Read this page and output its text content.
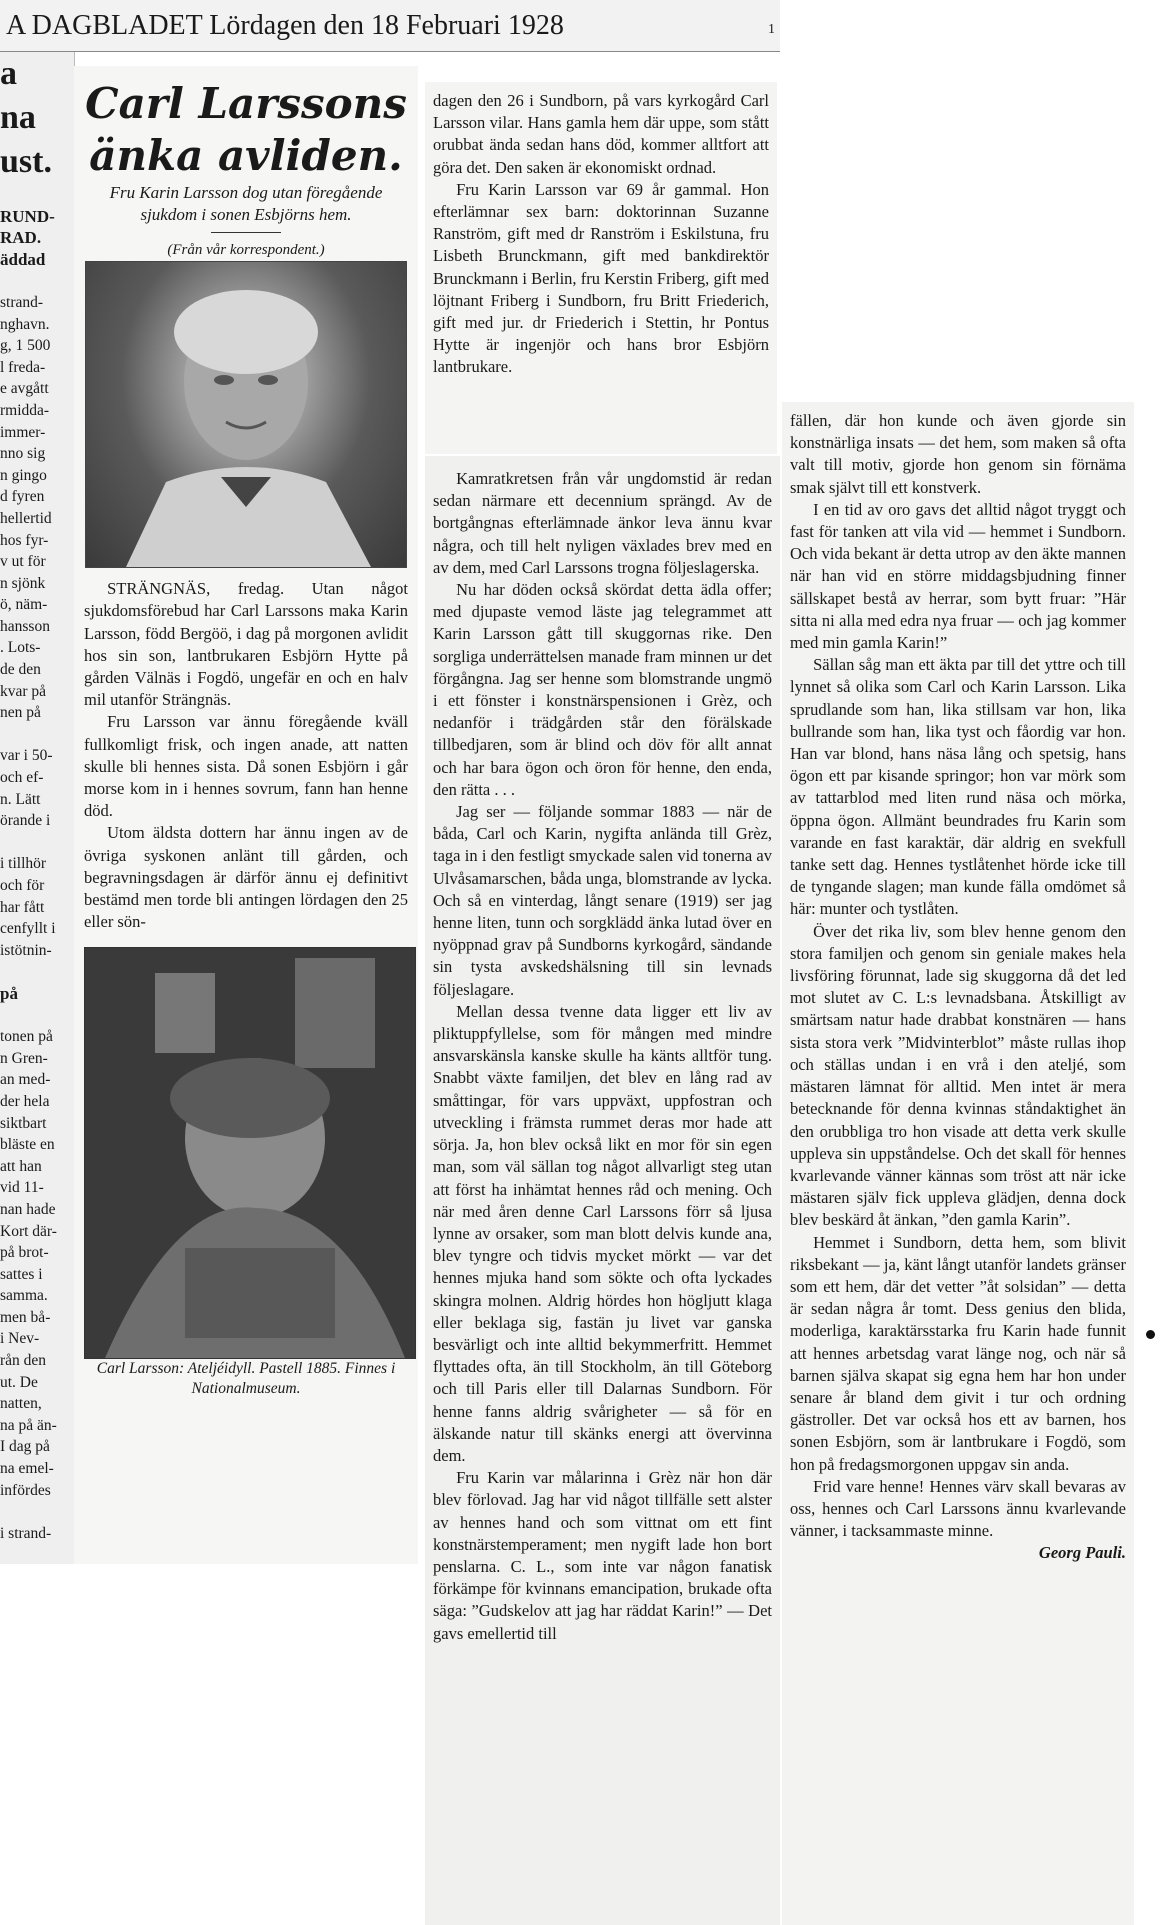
A DAGBLADET Lördagen den 18 Februari 1928	1
a
na
ust.

RUND-
RAD.
äddad

strand-
nghavn.
g, 1 500
l freda-
e avgått
rmidda-
immer-
nno sig
n gingo
d fyren
hellertid
hos fyr-
v ut för
n sjönk
ö, näm-
hansson
. Lots-
de den
kvar på
nen på

var i 50-
och ef-
n. Lätt
örande i

i tillhör
och för
har fått
cenfyllt i
istötnin-

på

tonen på
n Gren-
an med-
der hela
siktbart
bläste en
att han
vid 11-
nan hade
Kort där-
på brot-
sattes i
samma.
men bå-
i Nev-
rån den
ut. De
natten,
na på än-
I dag på
na emel-
infördes

i strand-
Carl Larssons änka avliden.

Fru Karin Larsson dog utan föregående sjukdom i sonen Esbjörns hem.

(Från vår korrespondent.)

STRÄNGNÄS, fredag. Utan något sjukdomsförebud har Carl Larssons maka Karin Larsson, född Bergöö, i dag på morgonen avlidit hos sin son, lantbrukaren Esbjörn Hytte på gården Välnäs i Fogdö, ungefär en och en halv mil utanför Strängnäs.

Fru Larsson var ännu föregående kväll fullkomligt frisk, och ingen anade, att natten skulle bli hennes sista. Då sonen Esbjörn i går morse kom in i hennes sovrum, fann han henne död.

Utom äldsta dottern har ännu ingen av de övriga syskonen anlänt till gården, och begravningsdagen är därför ännu ej definitivt bestämd men torde bli antingen lördagen den 25 eller sön-

Carl Larsson: Ateljéidyll. Pastell 1885. Finnes i Nationalmuseum.

dagen den 26 i Sundborn, på vars kyrkogård Carl Larsson vilar. Hans gamla hem där uppe, som stått orubbat ända sedan hans död, kommer alltfort att göra det. Den saken är ekonomiskt ordnad.

Fru Karin Larsson var 69 år gammal. Hon efterlämnar sex barn: doktorinnan Suzanne Ranström, gift med dr Ranström i Eskilstuna, fru Lisbeth Brunckmann, gift med bankdirektör Brunckmann i Berlin, fru Kerstin Friberg, gift med löjtnant Friberg i Sundborn, fru Britt Friederich, gift med jur. dr Friederich i Stettin, hr Pontus Hytte är ingenjör och hans bror Esbjörn lantbrukare.

Kamratkretsen från vår ungdomstid är redan sedan närmare ett decennium sprängd. Av de bortgångnas efterlämnade änkor leva ännu kvar några, och till helt nyligen växlades brev med en av dem, med Carl Larssons trogna följeslagerska.

Nu har döden också skördat detta ädla offer; med djupaste vemod läste jag telegrammet att Karin Larsson gått till skuggornas rike. Den sorgliga underrättelsen manade fram minnen ur det förgångna. Jag ser henne som blomstrande ungmö i ett fönster i konstnärspensionen i Grèz, och nedanför i trädgården står den förälskade tillbedjaren, som är blind och döv för allt annat och har bara ögon och öron för henne, den enda, den rätta . . .

Jag ser — följande sommar 1883 — när de båda, Carl och Karin, nygifta anlända till Grèz, taga in i den festligt smyckade salen vid tonerna av Ulvåsamarschen, båda unga, blomstrande av lycka. Och så en vinterdag, långt senare (1919) ser jag henne liten, tunn och sorgklädd änka lutad över en nyöppnad grav på Sundborns kyrkogård, sändande sin tysta avskedshälsning till sin levnads följeslagare.

Mellan dessa tvenne data ligger ett liv av pliktuppfyllelse, som för mången med mindre ansvarskänsla kanske skulle ha känts alltför tung. Snabbt växte familjen, det blev en lång rad av småttingar, för vars uppväxt, uppfostran och utveckling i främsta rummet deras mor hade att sörja. Ja, hon blev också likt en mor för sin egen man, som väl sällan tog något allvarligt steg utan att först ha inhämtat hennes råd och mening. Och när med åren denne Carl Larssons förr så ljusa lynne av orsaker, som man blott delvis kunde ana, blev tyngre och tidvis mycket mörkt — var det hennes mjuka hand som sökte och ofta lyckades skingra molnen. Aldrig hördes hon högljutt klaga eller beklaga sig, fastän ju livet var ganska besvärligt och inte alltid bekymmerfritt. Hemmet flyttades ofta, än till Stockholm, än till Göteborg och till Paris eller till Dalarnas Sundborn. För henne fanns aldrig svårigheter — så för en älskande natur till skänks energi att övervinna dem.

Fru Karin var målarinna i Grèz när hon där blev förlovad. Jag har vid något tillfälle sett alster av hennes hand och som vittnat om ett fint konstnärstemperament; men nygift lade hon bort penslarna. C. L., som inte var någon fanatisk förkämpe för kvinnans emancipation, brukade ofta säga: ”Gudskelov att jag har räddat Karin!” — Det gavs emellertid till

fällen, där hon kunde och även gjorde sin konstnärliga insats — det hem, som maken så ofta valt till motiv, gjorde hon genom sin förnäma smak självt till ett konstverk.

I en tid av oro gavs det alltid något tryggt och fast för tanken att vila vid — hemmet i Sundborn. Och vida bekant är detta utrop av den äkte mannen när han vid en större middagsbjudning finner sällskapet bestå av herrar, som bytt fruar: ”Här sitta ni alla med edra nya fruar — och jag kommer med min gamla Karin!”

Sällan såg man ett äkta par till det yttre och till lynnet så olika som Carl och Karin Larsson. Lika sprudlande som han, lika stillsam var hon, lika bullrande som han, lika tyst och fåordig var hon. Han var blond, hans näsa lång och spetsig, hans ögon ett par kisande springor; hon var mörk som av tattarblod med liten rund näsa och mörka, öppna ögon. Allmänt beundrades fru Karin som varande en fast karaktär, där aldrig en svekfull tanke sett dag. Hennes tystlåtenhet hörde icke till de tyngande slagen; man kunde fälla omdömet så här: munter och tystlåten.

Över det rika liv, som blev henne genom den stora familjen och genom sin geniale makes hela livsföring förunnat, lade sig skuggorna då det led mot slutet av C. L:s levnadsbana. Åtskilligt av smärtsam natur hade drabbat konstnären — hans sista stora verk ”Midvinterblot” måste rullas ihop och ställas undan i en vrå i den ateljé, som mästaren lämnat för alltid. Men intet är mera betecknande för denna kvinnas ståndaktighet än den orubbliga tro hon visade att detta verk skulle uppleva sin uppståndelse. Och det skall för hennes kvarlevande vänner kännas som tröst att när icke mästaren själv fick uppleva glädjen, denna dock blev beskärd åt änkan, ”den gamla Karin”.

Hemmet i Sundborn, detta hem, som blivit riksbekant — ja, känt långt utanför landets gränser som ett hem, där det vetter ”åt solsidan” — detta är sedan några år tomt. Dess genius den blida, moderliga, karaktärsstarka fru Karin hade funnit att hennes arbetsdag varat länge nog, och när så barnen själva skapat sig egna hem har hon under senare år bland dem givit i tur och ordning gästroller. Det var också hos ett av barnen, hos sonen Esbjörn, som är lantbrukare i Fogdö, som hon på fredagsmorgonen uppgav sin anda.

Frid vare henne! Hennes värv skall bevaras av oss, hennes och Carl Larssons ännu kvarlevande vänner, i tacksammaste minne.

Georg Pauli.
